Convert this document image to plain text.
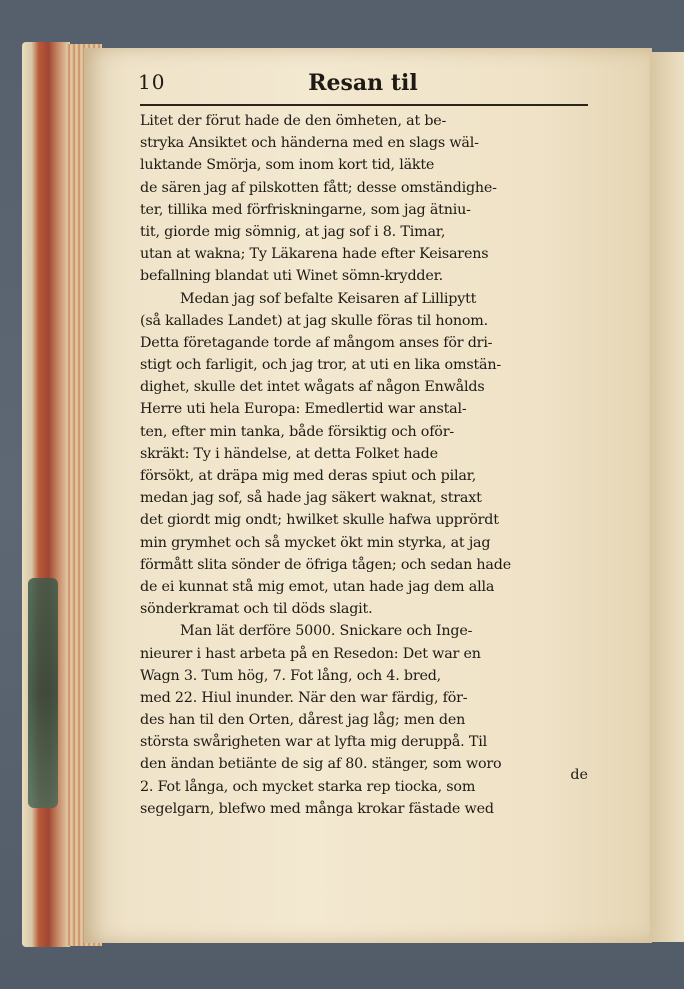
10	Resan til
Litet der förut hade de den ömheten, at be-
stryka Ansiktet och händerna med en slags wäl-
luktande Smörja, som inom kort tid, läkte
de sären jag af pilskotten fått; desse omständighe-
ter, tillika med förfriskningarne, som jag ätniu-
tit, giorde mig sömnig, at jag sof i 8. Timar,
utan at wakna; Ty Läkarena hade efter Keisarens
befallning blandat uti Winet sömn-krydder.
Medan jag sof befalte Keisaren af Lillipytt
(så kallades Landet) at jag skulle föras til honom.
Detta företagande torde af mångom anses för dri-
stigt och farligit, och jag tror, at uti en lika omstän-
dighet, skulle det intet wågats af någon Enwålds
Herre uti hela Europa: Emedlertid war anstal-
ten, efter min tanka, både försiktig och oför-
skräkt: Ty i händelse, at detta Folket hade
försökt, at dräpa mig med deras spiut och pilar,
medan jag sof, så hade jag säkert waknat, straxt
det giordt mig ondt; hwilket skulle hafwa upprördt
min grymhet och så mycket ökt min styrka, at jag
förmått slita sönder de öfriga tågen; och sedan hade
de ei kunnat stå mig emot, utan hade jag dem alla
sönderkramat och til döds slagit.
Man lät derföre 5000. Snickare och Inge-
nieurer i hast arbeta på en Resedon: Det war en
Wagn 3. Tum hög, 7. Fot lång, och 4. bred,
med 22. Hiul inunder. När den war färdig, för-
des han til den Orten, dårest jag låg; men den
största swårigheten war at lyfta mig deruppå. Til
den ändan betiänte de sig af 80. stänger, som woro
2. Fot långa, och mycket starka rep tiocka, som
segelgarn, blefwo med många krokar fästade wed
de
